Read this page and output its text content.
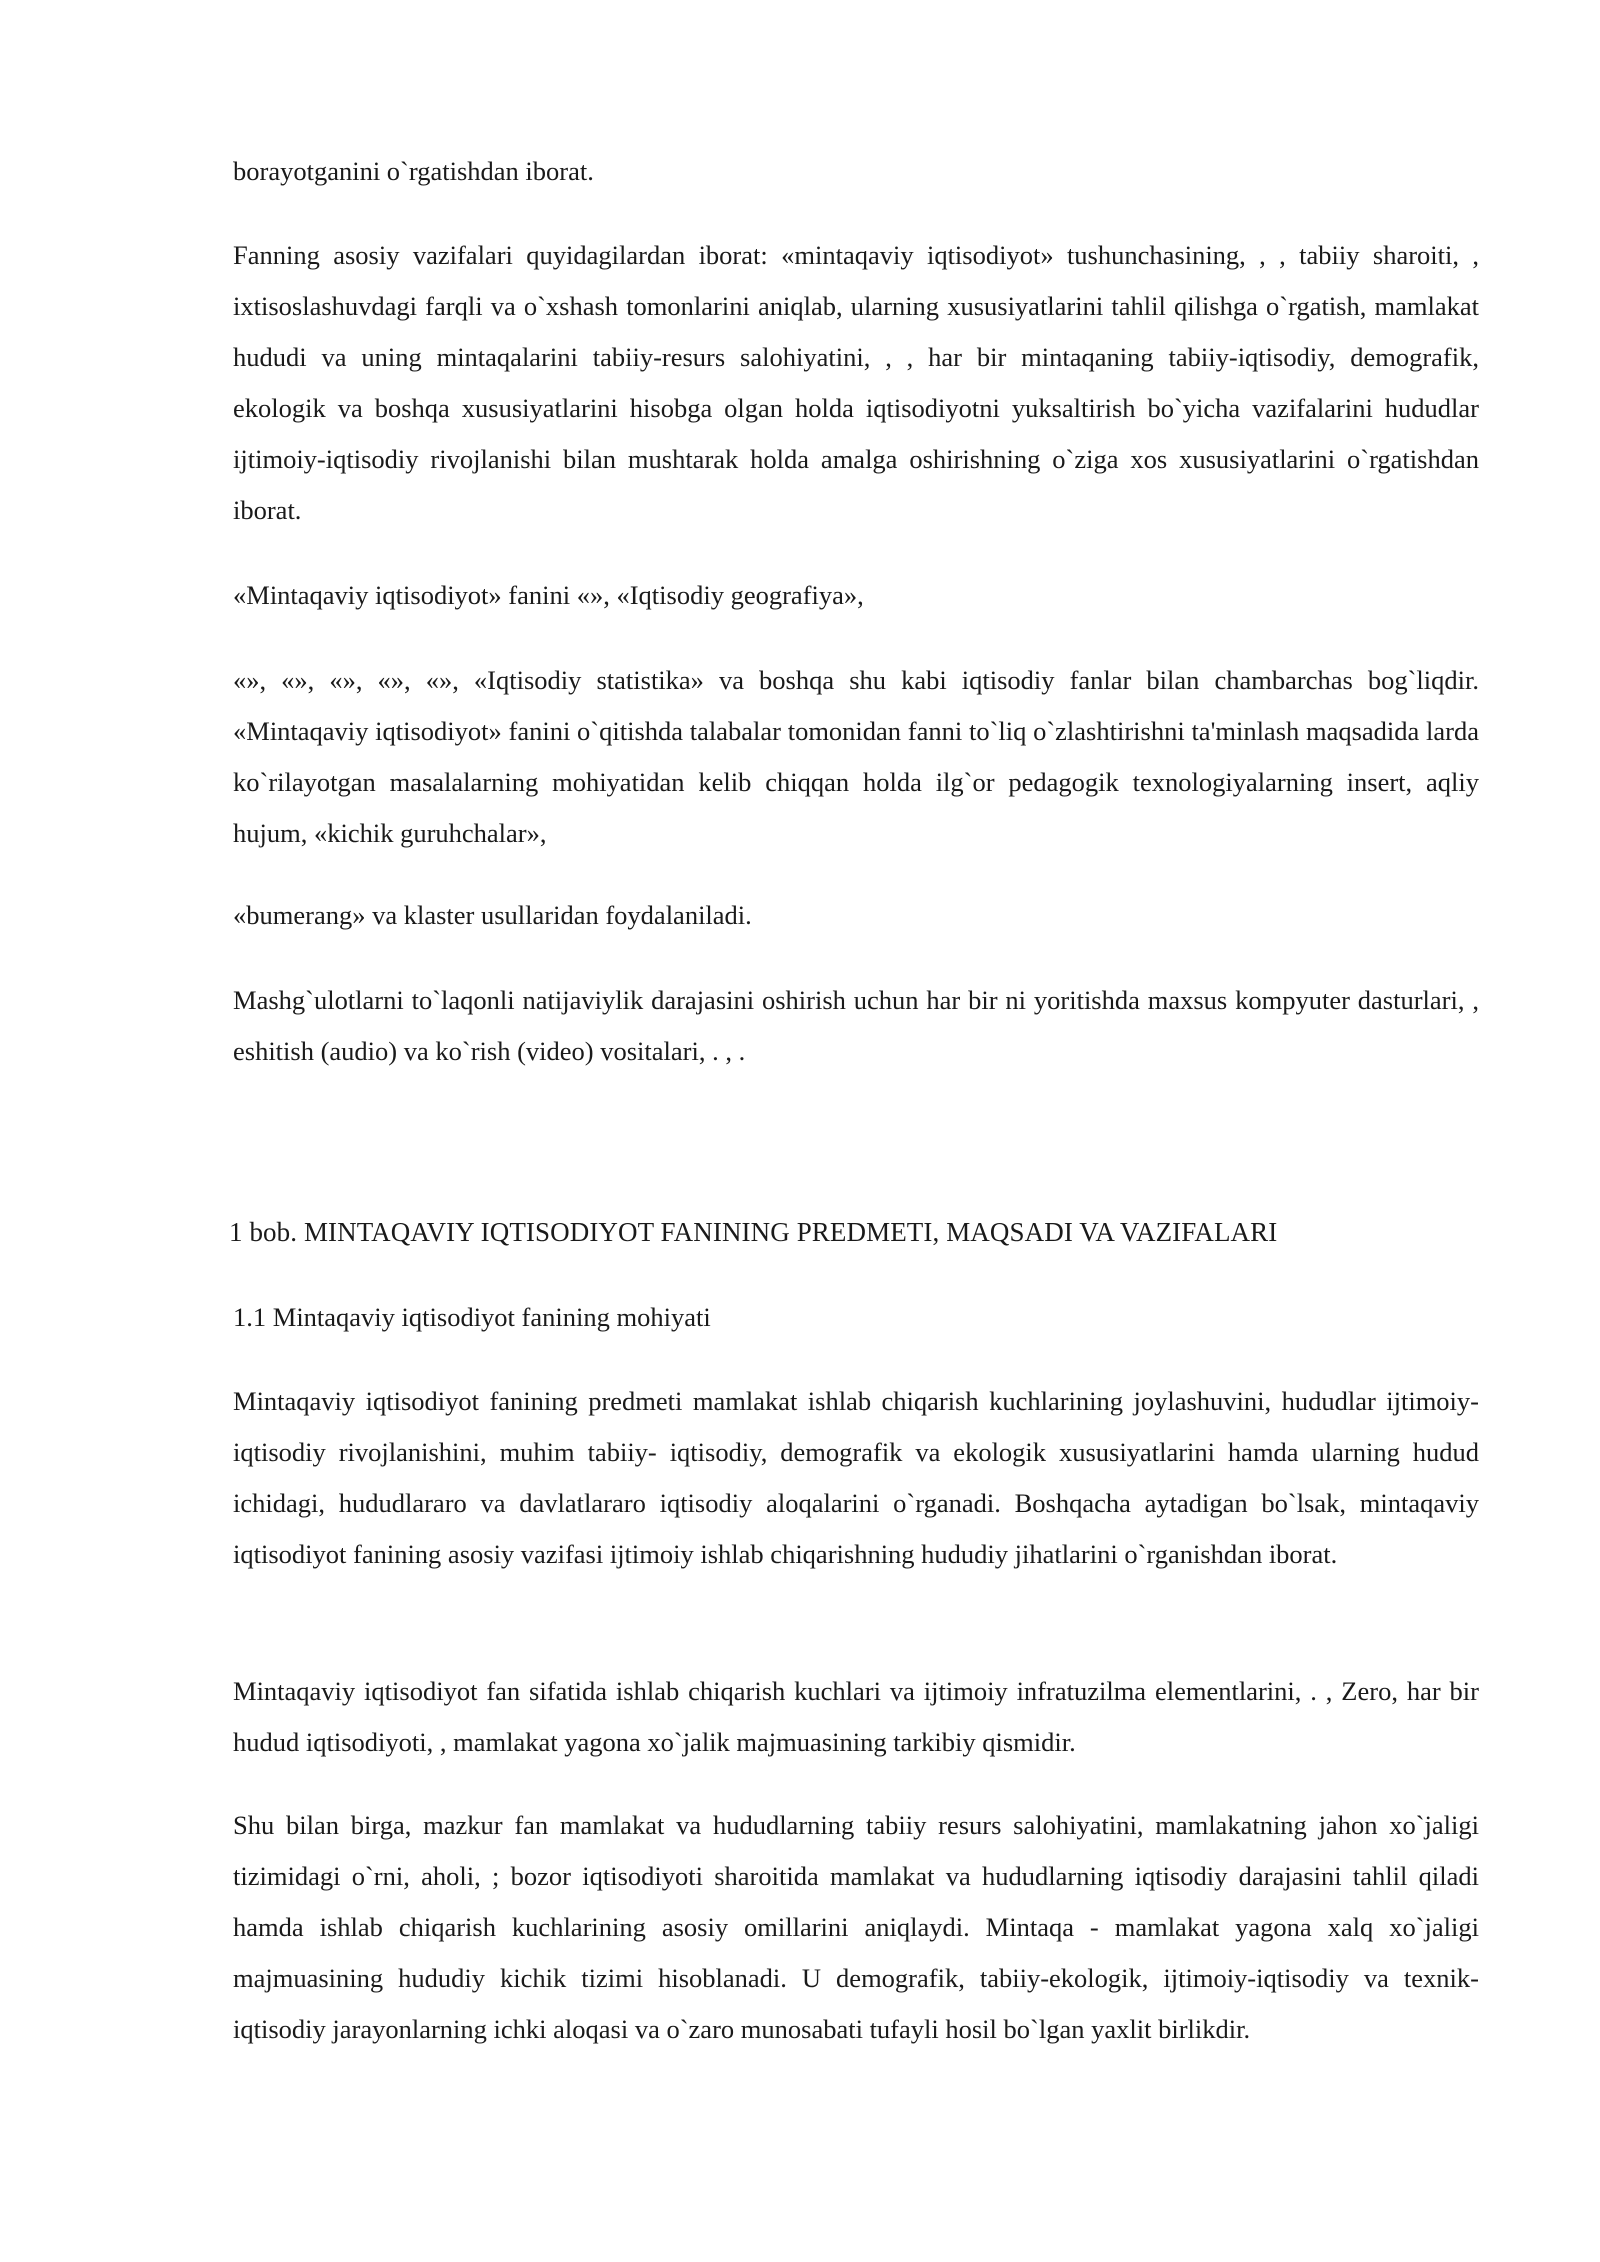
borayotganini o`rgatishdan iborat.

Fanning asosiy vazifalari quyidagilardan iborat: «mintaqaviy iqtisodiyot» tushunchasining, , , tabiiy sharoiti, , ixtisoslashuvdagi farqli va o`xshash tomonlarini aniqlab, ularning xususiyatlarini tahlil qilishga o`rgatish, mamlakat hududi va uning mintaqalarini tabiiy-resurs salohiyatini, , , har bir mintaqaning tabiiy-iqtisodiy, demografik, ekologik va boshqa xususiyatlarini hisobga olgan holda iqtisodiyotni yuksaltirish bo`yicha vazifalarini hududlar ijtimoiy-iqtisodiy rivojlanishi bilan mushtarak holda amalga oshirishning o`ziga xos xususiyatlarini o`rgatishdan iborat.

«Mintaqaviy iqtisodiyot» fanini «», «Iqtisodiy geografiya»,

«», «», «», «», «», «Iqtisodiy statistika» va boshqa shu kabi iqtisodiy fanlar bilan chambarchas bog`liqdir. «Mintaqaviy iqtisodiyot» fanini o`qitishda talabalar tomonidan fanni to`liq o`zlashtirishni ta'minlash maqsadida larda ko`rilayotgan masalalarning mohiyatidan kelib chiqqan holda ilg`or pedagogik texnologiyalarning insert, aqliy hujum, «kichik guruhchalar»,

«bumerang» va klaster usullaridan foydalaniladi.

Mashg`ulotlarni to`laqonli natijaviylik darajasini oshirish uchun har bir ni yoritishda maxsus kompyuter dasturlari, , eshitish (audio) va ko`rish (video) vositalari, . , .

1 bob. MINTAQAVIY IQTISODIYOT FANINING PREDMETI, MAQSADI VA VAZIFALARI

1.1 Mintaqaviy iqtisodiyot fanining mohiyati

Mintaqaviy iqtisodiyot fanining predmeti mamlakat ishlab chiqarish kuchlarining joylashuvini, hududlar ijtimoiy-iqtisodiy rivojlanishini, muhim tabiiy- iqtisodiy, demografik va ekologik xususiyatlarini hamda ularning hudud ichidagi, hududlararo va davlatlararo iqtisodiy aloqalarini o`rganadi. Boshqacha aytadigan bo`lsak, mintaqaviy iqtisodiyot fanining asosiy vazifasi ijtimoiy ishlab chiqarishning hududiy jihatlarini o`rganishdan iborat.

Mintaqaviy iqtisodiyot fan sifatida ishlab chiqarish kuchlari va ijtimoiy infratuzilma elementlarini, . , Zero, har bir hudud iqtisodiyoti, , mamlakat yagona xo`jalik majmuasining tarkibiy qismidir.

Shu bilan birga, mazkur fan mamlakat va hududlarning tabiiy resurs salohiyatini, mamlakatning jahon xo`jaligi tizimidagi o`rni, aholi, ; bozor iqtisodiyoti sharoitida mamlakat va hududlarning iqtisodiy darajasini tahlil qiladi hamda ishlab chiqarish kuchlarining asosiy omillarini aniqlaydi. Mintaqa - mamlakat yagona xalq xo`jaligi majmuasining hududiy kichik tizimi hisoblanadi. U demografik, tabiiy-ekologik, ijtimoiy-iqtisodiy va texnik-iqtisodiy jarayonlarning ichki aloqasi va o`zaro munosabati tufayli hosil bo`lgan yaxlit birlikdir.
